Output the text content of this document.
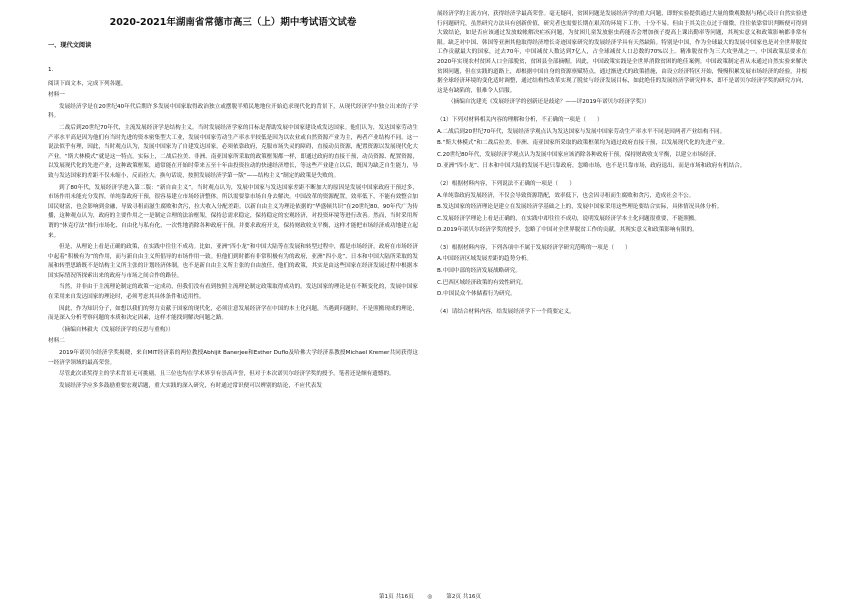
2020-2021年湖南省常德市高三（上）期中考试语文试卷
一、现代文阅读

1.

阅读下面文本，完成下列各题。

材料一

发展经济学是在20世纪40年代后期许多发展中国家取得政治独立或摆脱半殖民地地位开始追求现代化的背景下，从现代经济学中独立出来的子学科。

二战后到20世纪70年代，主流发展经济学是结构主义。当时发展经济学家的目标是帮助发展中国家建设成发达国家。他们认为，发达国家劳动生产率水平高是因为他们有当时先进的资本密集型大工业，发展中国家劳动生产率水平较低是因为以农业或自然资源产业为主，两者产业结构不同。这一说法似乎有理，因此，当时观点认为，发展中国家为了自建发达国家，必须依靠政府，克服市场失灵的障碍，直接动员资源，配置资源以发展现代化大产业。“斯大林模式”就是这一特点。实际上，二战后拉美、非洲、南亚国家所采取的政策框架都一样，即通过政府的直接干预，动员资源、配置资源，以发展现代化的先进产业，这种政策框架，通常能在开始时带来五至十年由投资拉动的快速经济增长，等这些产业建立以后，既因为缺乏自生能力，导致与发达国家的差距不仅未缩小，反而拉大。换句话说，按照发展经济学第一版“——结构主义”制定的政策是失败的。

到了80年代，发展经济学进入第二版：“新自由主义”。当时观点认为，发展中国家与发达国家差距不断加大的原因是发展中国家政府干预过多，市场作用未能充分发挥，单纯靠政府干预，很容易建立市场经济整体，所以需要靠市场自身去解决。中国改革的资源配置，效率低下，不能有效整合加国民财富，也会影响到金融，导致寻租而滋生腐败和贪污，拉大收入分配差距。以新自由主义为理论依据的“华盛顿共识”在20世纪80、90年代广为传播，这种观点认为，政府的主要作用之一是制定合理的法治框架，保持总需求稳定，保持稳定的宏观经济，对投资环境等进行改善。然而，当时采用所谓的“休克疗法”推行市场化、自由化与私有化，一次性地消除各种政府干预，并要求政府开支，保持财政收支平衡，这样才能把市场经济成功地建立起来。

但是，从理论上看是正确的政策，在实践中往往不成功。比如，亚洲“四小龙”和中国大陆等在发展和转型过程中，都是市场经济，政府在市场经济中起着“积极有为”的作用，而与新自由主义所倡导的市场作用一致。但他们到时都有非常积极有为的政府，亚洲“四小龙”、日本和中国大陆所采取的发展和转型思路既不是结构主义所主张的计划经济体制，也不是新自由主义所主张的自由放任，他们的政策，其实是由这些国家在经济发展过程中根据本国实际情况所探索出来的政府与市场之间合作的路径。

当然，并非由于主流理论制定的政策一定成功，但我们没有看到按照主流理论制定政策取得成功的。发达国家的理论是在不断变化的，发展中国家在采用来自发达国家的理论时，必须考虑其具体条件和适用性。

因此，作为知识分子，如想以我们的努力贡献于国家的现代化，必须注意发展经济学在中国的本土化问题，当遇到问题时，不是照搬现成的理论，而是深入分析考察问题的本质和决定因素，这样才能找到解决问题之路。

（摘编自林毅夫《发展经济学的反思与重构》）

材料二

2019年诺贝尔经济学奖揭晓，来自MIT经济系的两位教授Abhijit Banerjee和Esther Duflo及哈佛大学经济系教授Michael Kremer共同获得这一经济学领域的最高荣誉。

尽管此次诺奖得主的学术背景无可挑剔，且三位也均在学术界享有崇高声誉，但对于本次诺贝尔经济学奖的授予，笔者还是颇有遗憾的。

发展经济学应多多鼓励重要宏观话题，重大实践的深入研究，有时通过常识便可以辨别的结论，不应代表发

展经济学的主流方向，获得经济学最高荣誉。毫无疑问，贫困问题是发展经济学的重大问题，即野实验提供通过大量的微观数据与精心设计自然实验进行问题研究，虽然研究方法具有创新价值，研究者也需要长期在艰苦的环境下工作，十分不易。但由于其关注点过于细微，往往依靠常识判断便可得到大致结论，如是否应该通过发放蚊帐解决疟疾问题，为贫困儿童发放驱虫药能否会增加孩子提高上课出勤率等问题，其现实意义和政策影响都非常有限。缺乏对中国、韩国等亚洲其他取得经济增长奇迹国家研究的发展经济学具有天然缺陷。特别是中国，作为全球最大的发展中国家也是对全世界脱贫工作贡献最大的国家，过去70年，中国减贫人数达到7亿人，占全球减贫人口总数的70%以上。精准脱贫作为三大攻坚战之一，中国政策层要求在2020年实现农村贫困人口全部脱贫，贫困县全部摘帽。因此，中国政策实践是全世界消除贫困的绝佳案例。中国政策制定者从未通过自然实验来解决贫困问题，但在实践的道路上，却根据中国自身的资源禀赋特点，通过渐进式的政策措施，由设立经济特区开始，慢慢积累发展市场经济的经验，并根据全球经济环境的变化适时调整，通过结构性改革实现了脱贫与经济发展目标，如此绝佳的发展经济学研究样本，即不是诺贝尔经济学奖的研究方向，这是有缺陷的，很难令人信服。

（摘编自沈建光《发展经济学的创新还是歧途？——评2019年诺贝尔经济学奖》）

（1）下列对材料相关内容的理解和分析，不正确的一项是（　　）

A.二战后到20世纪70年代，发展经济学观点认为发达国家与发展中国家劳动生产率水平不同是因两者产业结构不同。

B.“斯大林模式”和二战后拉美、非洲、南亚国家所采取的政策框架均为通过政府直接干预，以发展现代化的先进产业。

C.20世纪80年代，发展经济学观点认为发展中国家应该消除各种政府干预，保持财政收支平衡，以建立市场经济。

D.亚洲“四小龙”、日本和中国大陆的发展不是只靠政府，忽略市场，也不是只靠市场，政府退出，而是市场和政府有机结合。

（2）根据材料内容，下列说法不正确的一项是（　　）

A.单纯靠政府发展经济，不仅会导致资源错配，效率低下，也会因寻租而生腐败和贪污，造成社会不公。

B.发达国家的经济理论是建立在发展经济学基础之上的，发展中国家采用这些理论要结合实际，具体情况具体分析。

C.发展经济学理论上看是正确的，在实践中却往往不成功，说明发展经济学本土化问题很重要，不能照搬。

D.2019年诺贝尔经济学奖的授予，忽略了中国对全世界脱贫工作的贡献，其现实意义和政策影响有限的。

（3）根据材料内容，下列各项中不属于发展经济学研究范畴的一项是（　　）

A.中国经济区域发展差距的趋势分析。

B.中国中部的经济发展战略研究。

C.巴西区域经济政策的有效性研究。

D.中国民众个体储蓄行为研究。

（4）请结合材料内容，给发展经济学下一个简要定义。

第1页 共16页 ◎ 第2页 共16页
